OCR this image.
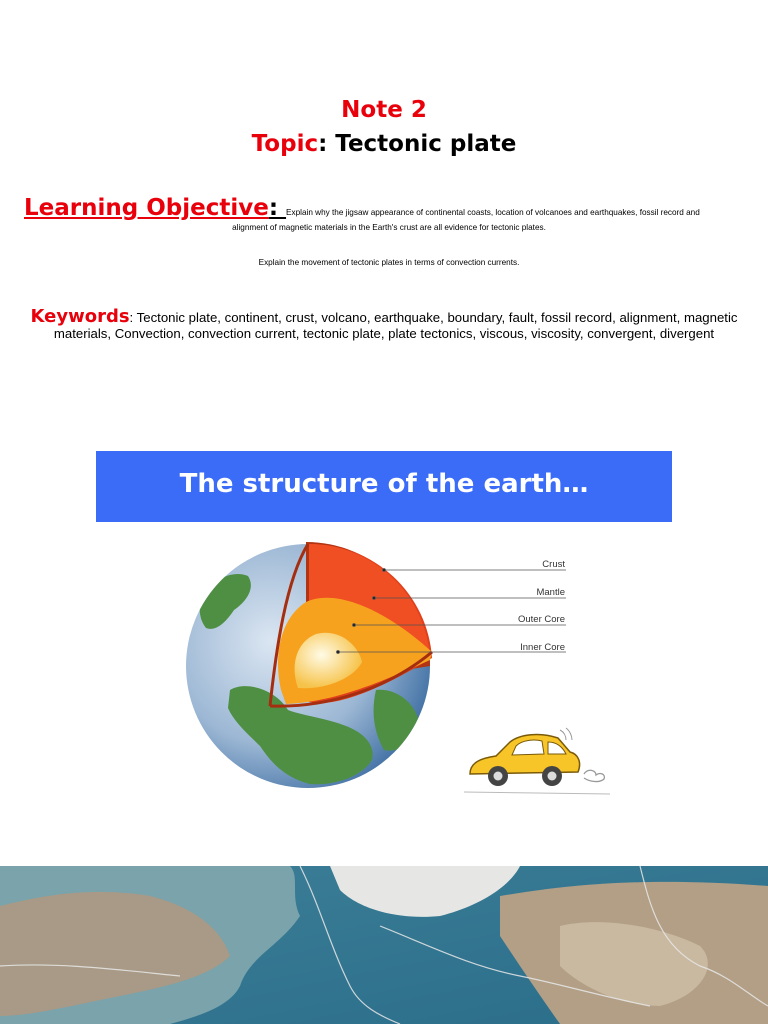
Note 2
Topic: Tectonic plate
Learning Objective: Explain why the jigsaw appearance of continental coasts, location of volcanoes and earthquakes, fossil record and
alignment of magnetic materials in the Earth's crust are all evidence for tectonic plates.
Explain the movement of tectonic plates in terms of convection currents.
Keywords: Tectonic plate, continent, crust, volcano, earthquake, boundary, fault, fossil record, alignment, magnetic materials, Convection, convection current, tectonic plate, plate tectonics, viscous, viscosity, convergent, divergent
The structure of the earth…
Crust
Mantle
Outer Core
Inner Core
